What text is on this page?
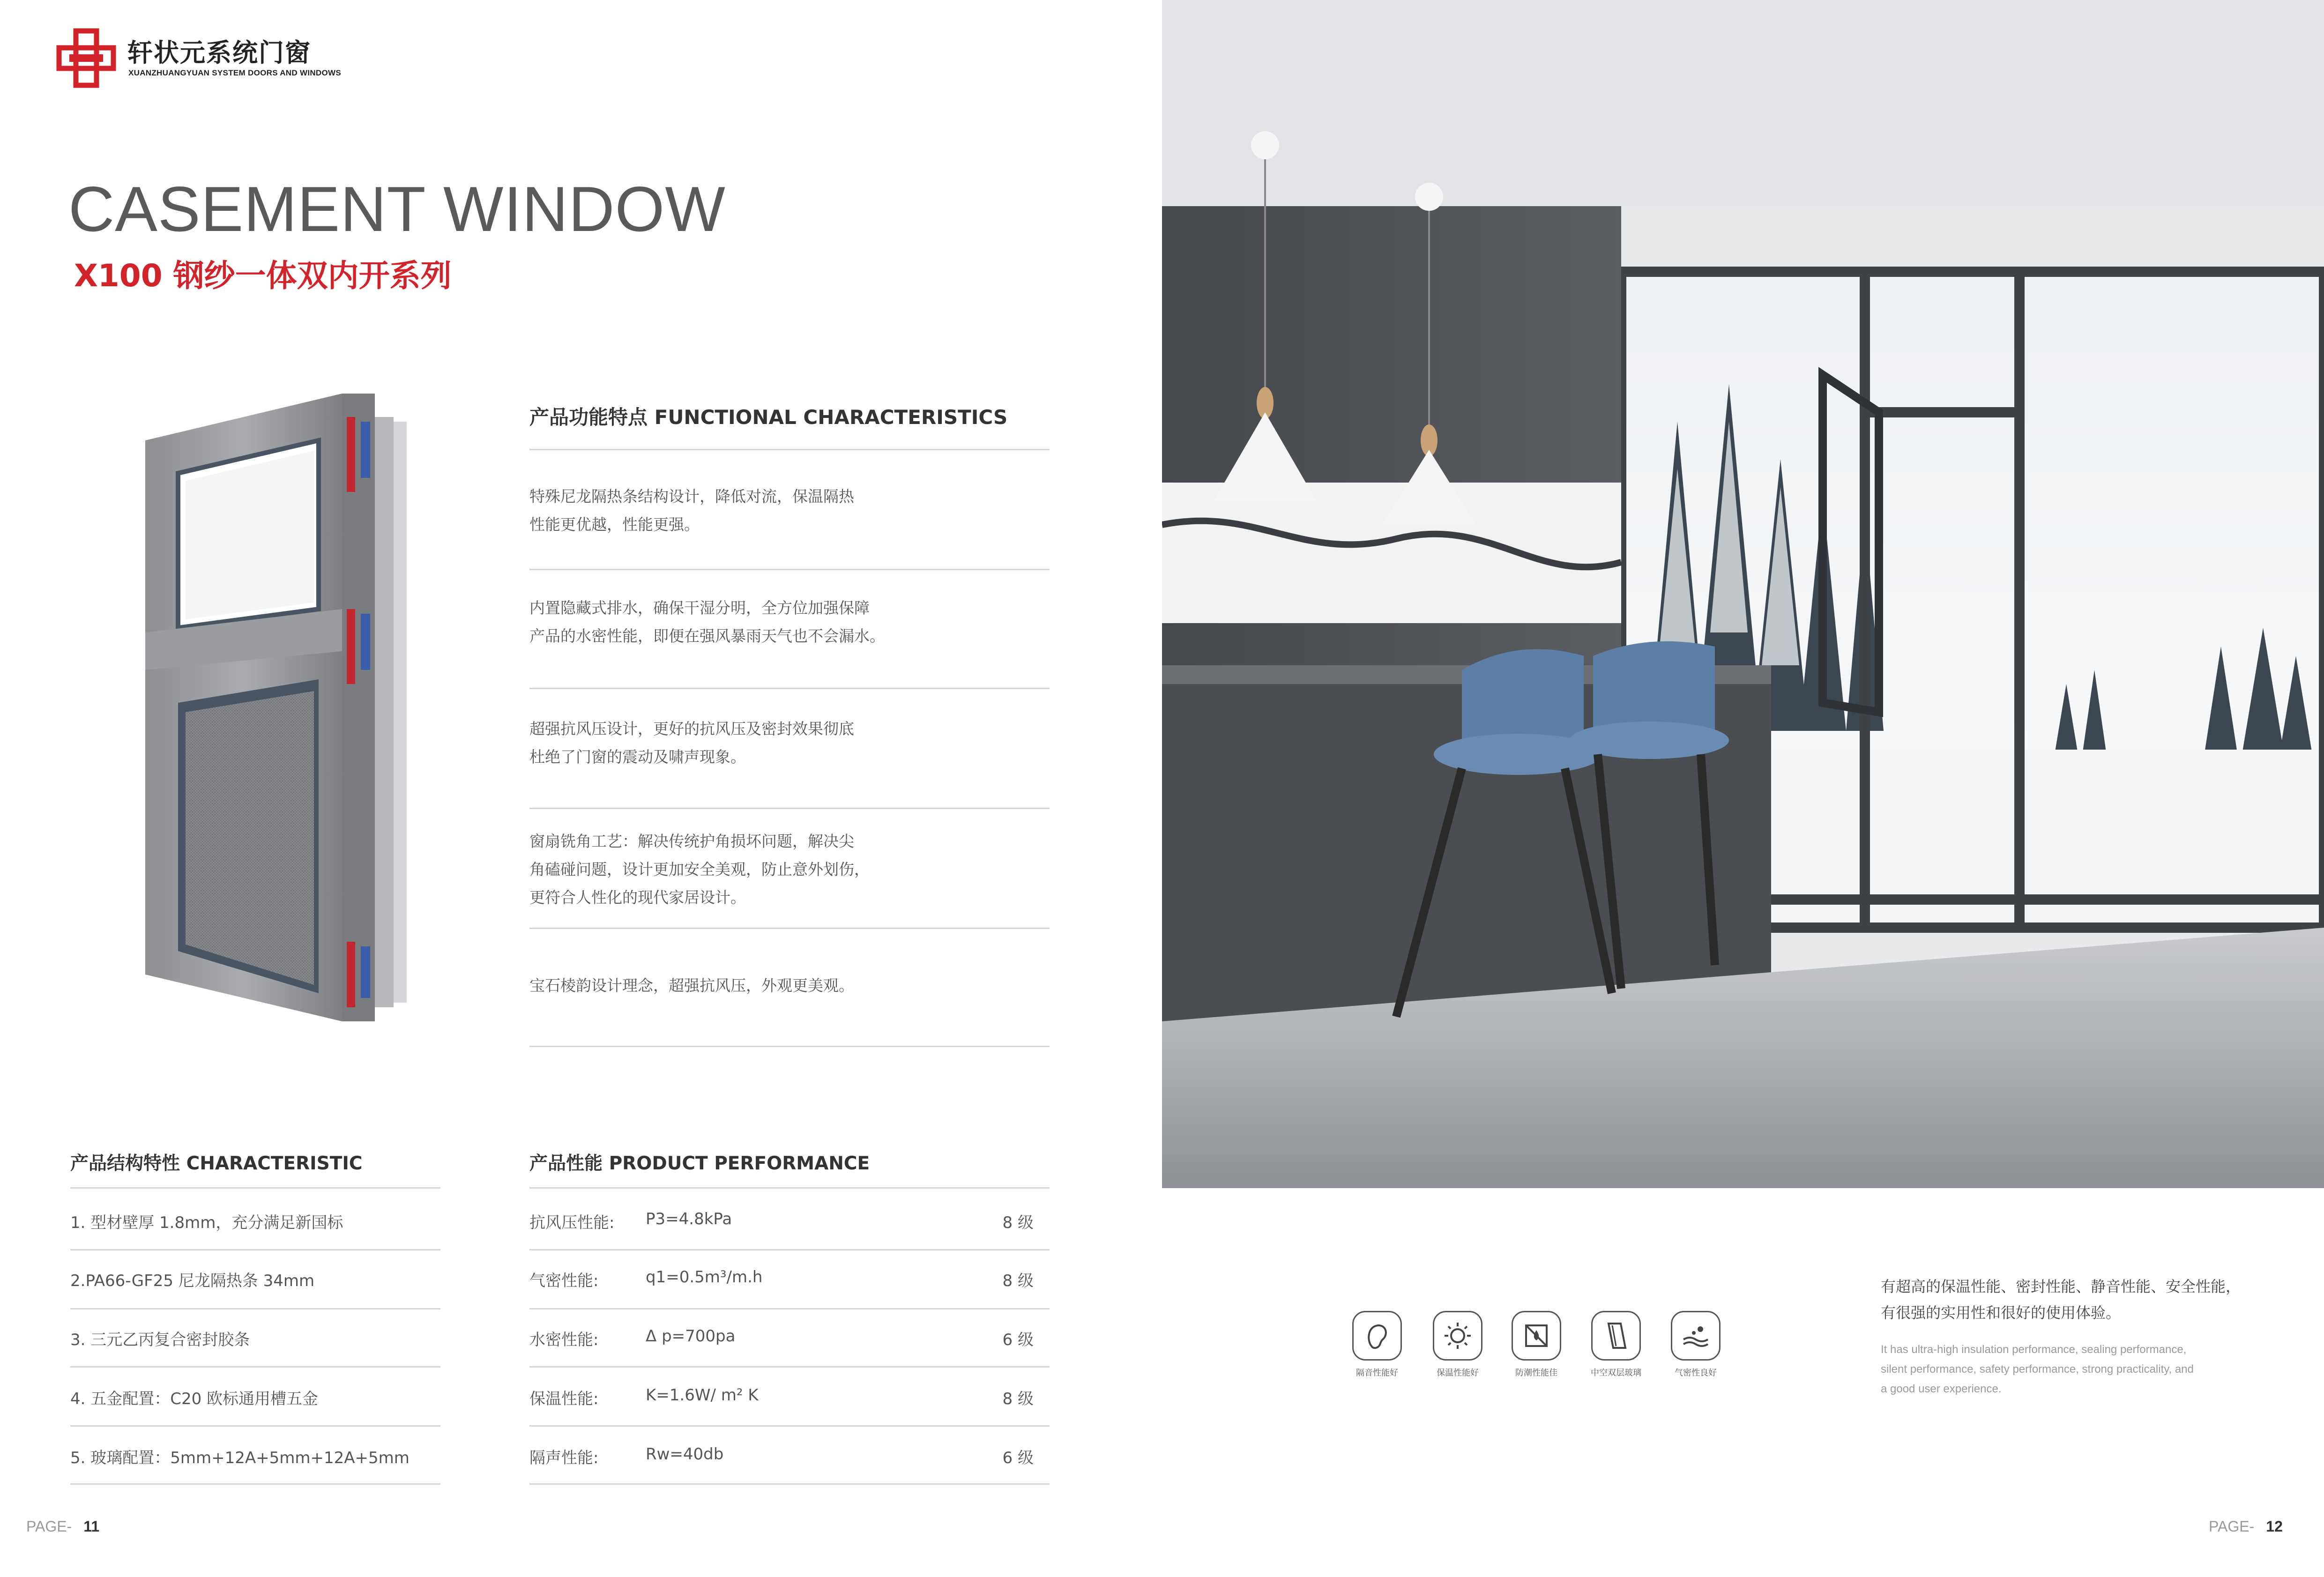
轩状元系统门窗
XUANZHUANGYUAN SYSTEM DOORS AND WINDOWS
CASEMENT WINDOW
X100 钢纱一体双内开系列
产品功能特点 FUNCTIONAL CHARACTERISTICS
特殊尼龙隔热条结构设计，降低对流，保温隔热
性能更优越，性能更强。
内置隐藏式排水，确保干湿分明，全方位加强保障
产品的水密性能，即便在强风暴雨天气也不会漏水。
超强抗风压设计，更好的抗风压及密封效果彻底
杜绝了门窗的震动及啸声现象。
窗扇铣角工艺：解决传统护角损坏问题，解决尖
角磕碰问题，设计更加安全美观，防止意外划伤，
更符合人性化的现代家居设计。
宝石棱韵设计理念，超强抗风压，外观更美观。
产品结构特性 CHARACTERISTIC
1. 型材壁厚 1.8mm，充分满足新国标
2.PA66-GF25 尼龙隔热条 34mm
3. 三元乙丙复合密封胶条
4. 五金配置：C20 欧标通用槽五金
5. 玻璃配置：5mm+12A+5mm+12A+5mm
产品性能 PRODUCT PERFORMANCE
抗风压性能: P3=4.8kPa	8 级
气密性能:	q1=0.5m³/m.h	8 级
水密性能:	Δ p=700pa	6 级
保温性能:	K=1.6W/ m² K	8 级
隔声性能:	Rw=40db	6 级
PAGE- 11
隔音性能好	保温性能好	防潮性能佳	中空双层玻璃	气密性良好
有超高的保温性能、密封性能、静音性能、安全性能，
有很强的实用性和很好的使用体验。
It has ultra-high insulation performance, sealing performance,
silent performance, safety performance, strong practicality, and
a good user experience.
PAGE- 12
